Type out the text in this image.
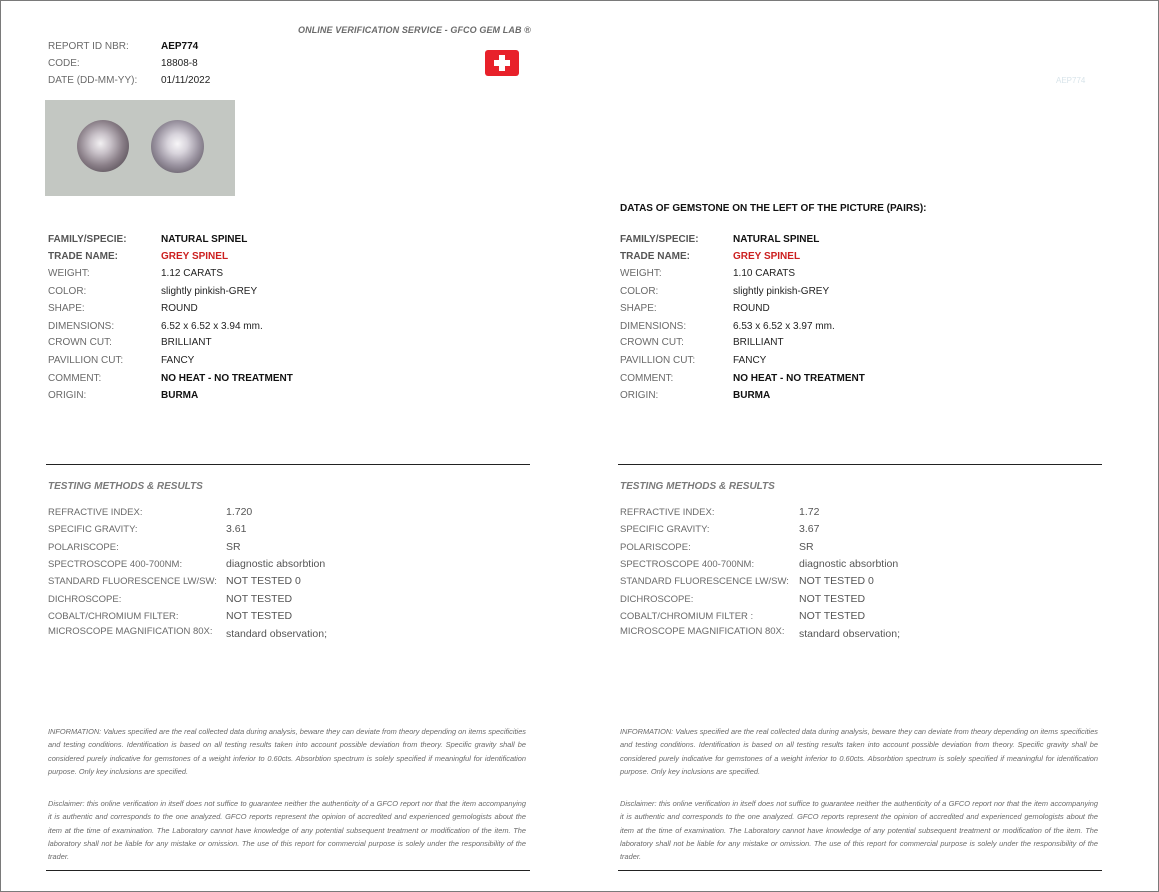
ONLINE VERIFICATION SERVICE - GFCO GEM LAB ®
REPORT ID NBR:	AEP774
CODE:	18808-8
DATE (DD-MM-YY): 01/11/2022	AEP774
DATAS OF GEMSTONE ON THE LEFT OF THE PICTURE (PAIRS):
FAMILY/SPECIE:	NATURAL SPINEL
TRADE NAME:	GREY SPINEL
WEIGHT:	1.12 CARATS
COLOR:	slightly pinkish-GREY
SHAPE:	ROUND
DIMENSIONS:	6.52 x 6.52 x 3.94 mm.
CROWN CUT:	BRILLIANT
PAVILLION CUT:	FANCY
COMMENT:	NO HEAT - NO TREATMENT
ORIGIN:	BURMA
FAMILY/SPECIE:	NATURAL SPINEL
TRADE NAME:	GREY SPINEL
WEIGHT:	1.10 CARATS
COLOR:	slightly pinkish-GREY
SHAPE:	ROUND
DIMENSIONS:	6.53 x 6.52 x 3.97 mm.
CROWN CUT:	BRILLIANT
PAVILLION CUT:	FANCY
COMMENT:	NO HEAT - NO TREATMENT
ORIGIN:	BURMA
TESTING METHODS & RESULTS	TESTING METHODS & RESULTS
REFRACTIVE INDEX:	1.720
SPECIFIC GRAVITY:	3.61
POLARISCOPE:	SR
SPECTROSCOPE 400-700NM:	diagnostic absorbtion
STANDARD FLUORESCENCE LW/SW: NOT TESTED 0
DICHROSCOPE:	NOT TESTED
COBALT/CHROMIUM FILTER:	NOT TESTED
MICROSCOPE MAGNIFICATION 80X: standard observation;
REFRACTIVE INDEX:	1.72
SPECIFIC GRAVITY:	3.67
POLARISCOPE:	SR
SPECTROSCOPE 400-700NM:	diagnostic absorbtion
STANDARD FLUORESCENCE LW/SW: NOT TESTED 0
DICHROSCOPE:	NOT TESTED
COBALT/CHROMIUM FILTER :	NOT TESTED
MICROSCOPE MAGNIFICATION 80X: standard observation;
INFORMATION: Values specified are the real collected data during analysis, beware they can deviate from theory depending on items specificities and testing conditions. Identification is based on all testing results taken into account possible deviation from theory. Specific gravity shall be considered purely indicative for gemstones of a weight inferior to 0.60cts. Absorbtion spectrum is solely specified if meaningful for identification purpose. Only key inclusions are specified.
INFORMATION: Values specified are the real collected data during analysis, beware they can deviate from theory depending on items specificities and testing conditions. Identification is based on all testing results taken into account possible deviation from theory. Specific gravity shall be considered purely indicative for gemstones of a weight inferior to 0.60cts. Absorbtion spectrum is solely specified if meaningful for identification purpose. Only key inclusions are specified.
Disclaimer: this online verification in itself does not suffice to guarantee neither the authenticity of a GFCO report nor that the item accompanying it is authentic and corresponds to the one analyzed. GFCO reports represent the opinion of accredited and experienced gemologists about the item at the time of examination. The Laboratory cannot have knowledge of any potential subsequent treatment or modification of the item. The laboratory shall not be liable for any mistake or omission. The use of this report for commercial purpose is solely under the responsibility of the trader.
Disclaimer: this online verification in itself does not suffice to guarantee neither the authenticity of a GFCO report nor that the item accompanying it is authentic and corresponds to the one analyzed. GFCO reports represent the opinion of accredited and experienced gemologists about the item at the time of examination. The Laboratory cannot have knowledge of any potential subsequent treatment or modification of the item. The laboratory shall not be liable for any mistake or omission. The use of this report for commercial purpose is solely under the responsibility of the trader.
